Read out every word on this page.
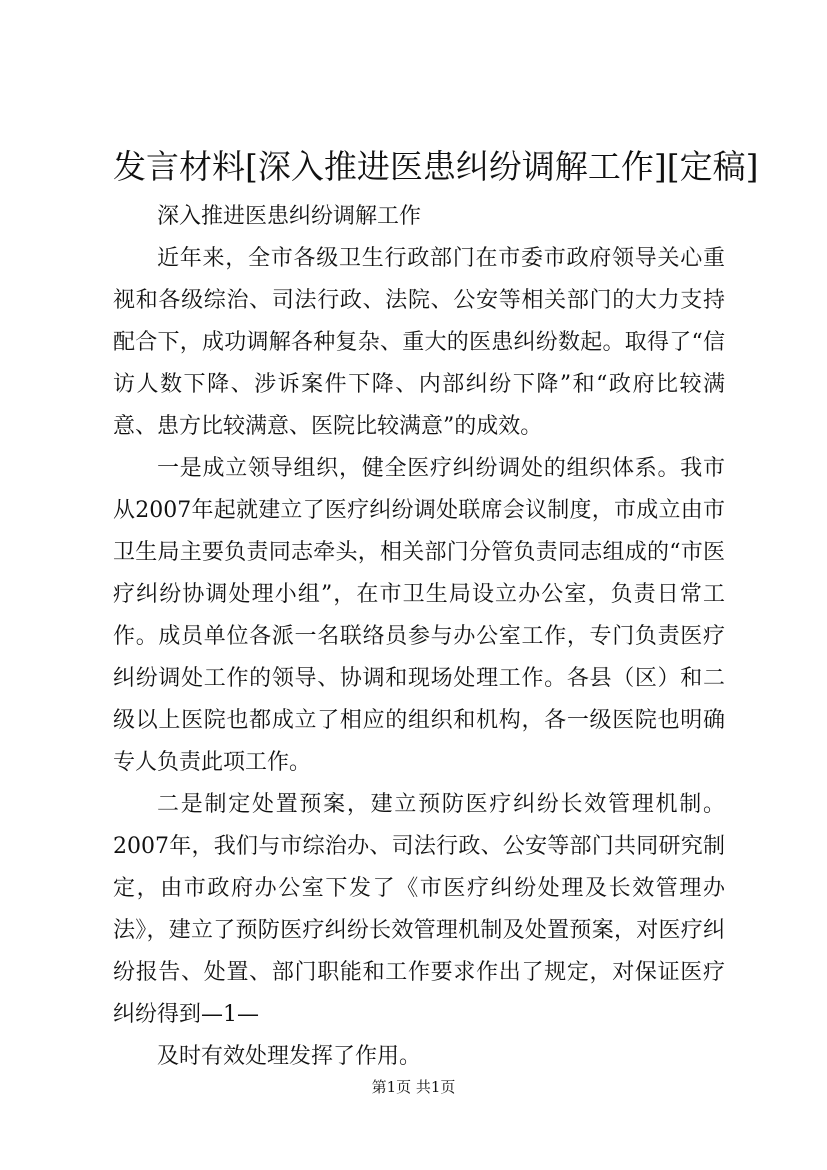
发言材料[深入推进医患纠纷调解工作][定稿]

深入推进医患纠纷调解工作

近年来，全市各级卫生行政部门在市委市政府领导关心重视和各级综治、司法行政、法院、公安等相关部门的大力支持配合下，成功调解各种复杂、重大的医患纠纷数起。取得了“信访人数下降、涉诉案件下降、内部纠纷下降”和“政府比较满意、患方比较满意、医院比较满意”的成效。

一是成立领导组织，健全医疗纠纷调处的组织体系。我市从2007年起就建立了医疗纠纷调处联席会议制度，市成立由市卫生局主要负责同志牵头，相关部门分管负责同志组成的“市医疗纠纷协调处理小组”，在市卫生局设立办公室，负责日常工作。成员单位各派一名联络员参与办公室工作，专门负责医疗纠纷调处工作的领导、协调和现场处理工作。各县（区）和二级以上医院也都成立了相应的组织和机构，各一级医院也明确专人负责此项工作。

二是制定处置预案，建立预防医疗纠纷长效管理机制。2007年，我们与市综治办、司法行政、公安等部门共同研究制定，由市政府办公室下发了《市医疗纠纷处理及长效管理办法》，建立了预防医疗纠纷长效管理机制及处置预案，对医疗纠纷报告、处置、部门职能和工作要求作出了规定，对保证医疗纠纷得到—1—

及时有效处理发挥了作用。

第1页 共1页
